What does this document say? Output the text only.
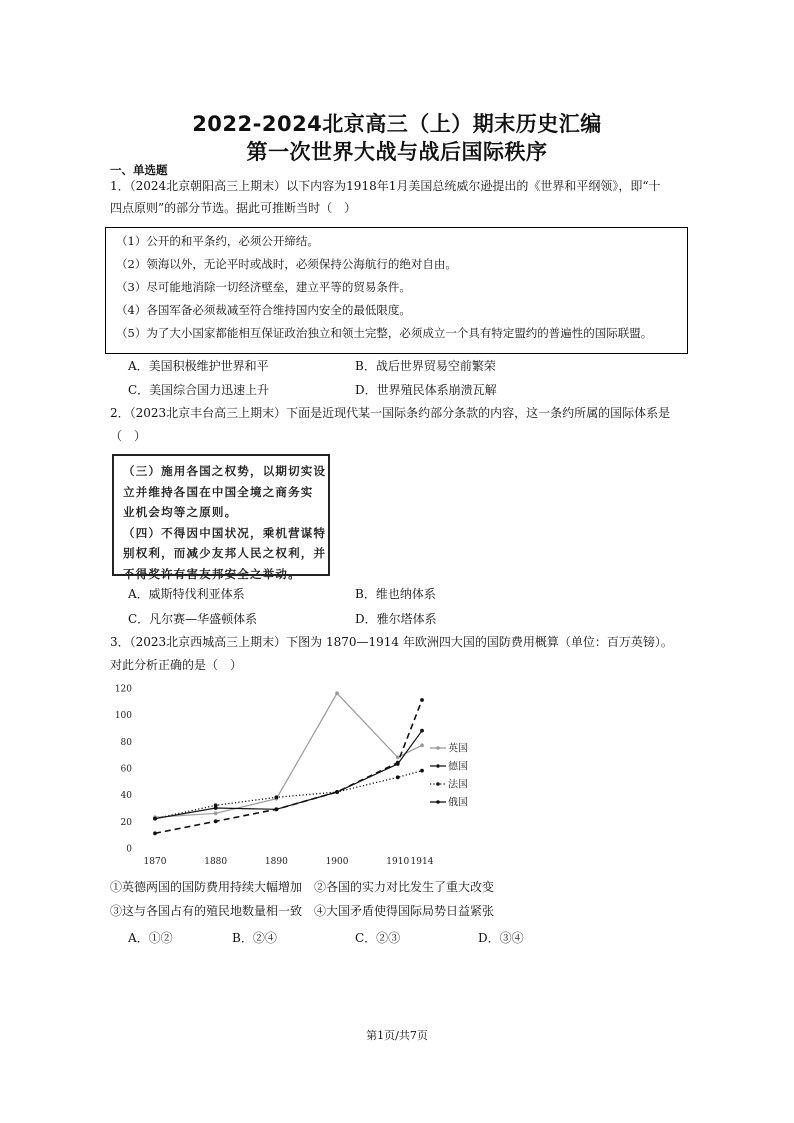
2022-2024北京高三（上）期末历史汇编
第一次世界大战与战后国际秩序
一、单选题
1．（2024北京朝阳高三上期末）以下内容为1918年1月美国总统威尔逊提出的《世界和平纲领》，即“十
四点原则”的部分节选。据此可推断当时（　）
（1）公开的和平条约，必须公开缔结。
（2）领海以外，无论平时或战时，必须保持公海航行的绝对自由。
（3）尽可能地消除一切经济壁垒，建立平等的贸易条件。
（4）各国军备必须裁减至符合维持国内安全的最低限度。
（5）为了大小国家都能相互保证政治独立和领土完整，必须成立一个具有特定盟约的普遍性的国际联盟。
A．美国积极维护世界和平	B．战后世界贸易空前繁荣
C．美国综合国力迅速上升	D．世界殖民体系崩溃瓦解
2．（2023北京丰台高三上期末）下面是近现代某一国际条约部分条款的内容，这一条约所属的国际体系是
（　）
（三）施用各国之权势，以期切实设
立并维持各国在中国全境之商务实
业机会均等之原则。
（四）不得因中国状况，乘机营谋特
别权利，而减少友邦人民之权利，并
不得奖许有害友邦安全之举动。
A．威斯特伐利亚体系	B．维也纳体系
C．凡尔赛—华盛顿体系	D．雅尔塔体系
3．（2023北京西城高三上期末）下图为 1870—1914 年欧洲四大国的国防费用概算（单位：百万英镑）。
对此分析正确的是（　）
0
20
40
60
80
100
120
1870	1880	1890	1900	1910 1914
英国
德国
法国
俄国
①英德两国的国防费用持续大幅增加　②各国的实力对比发生了重大改变
③这与各国占有的殖民地数量相一致　④大国矛盾使得国际局势日益紧张
A．①②	B．②④	C．②③	D．③④
第1页/共7页
